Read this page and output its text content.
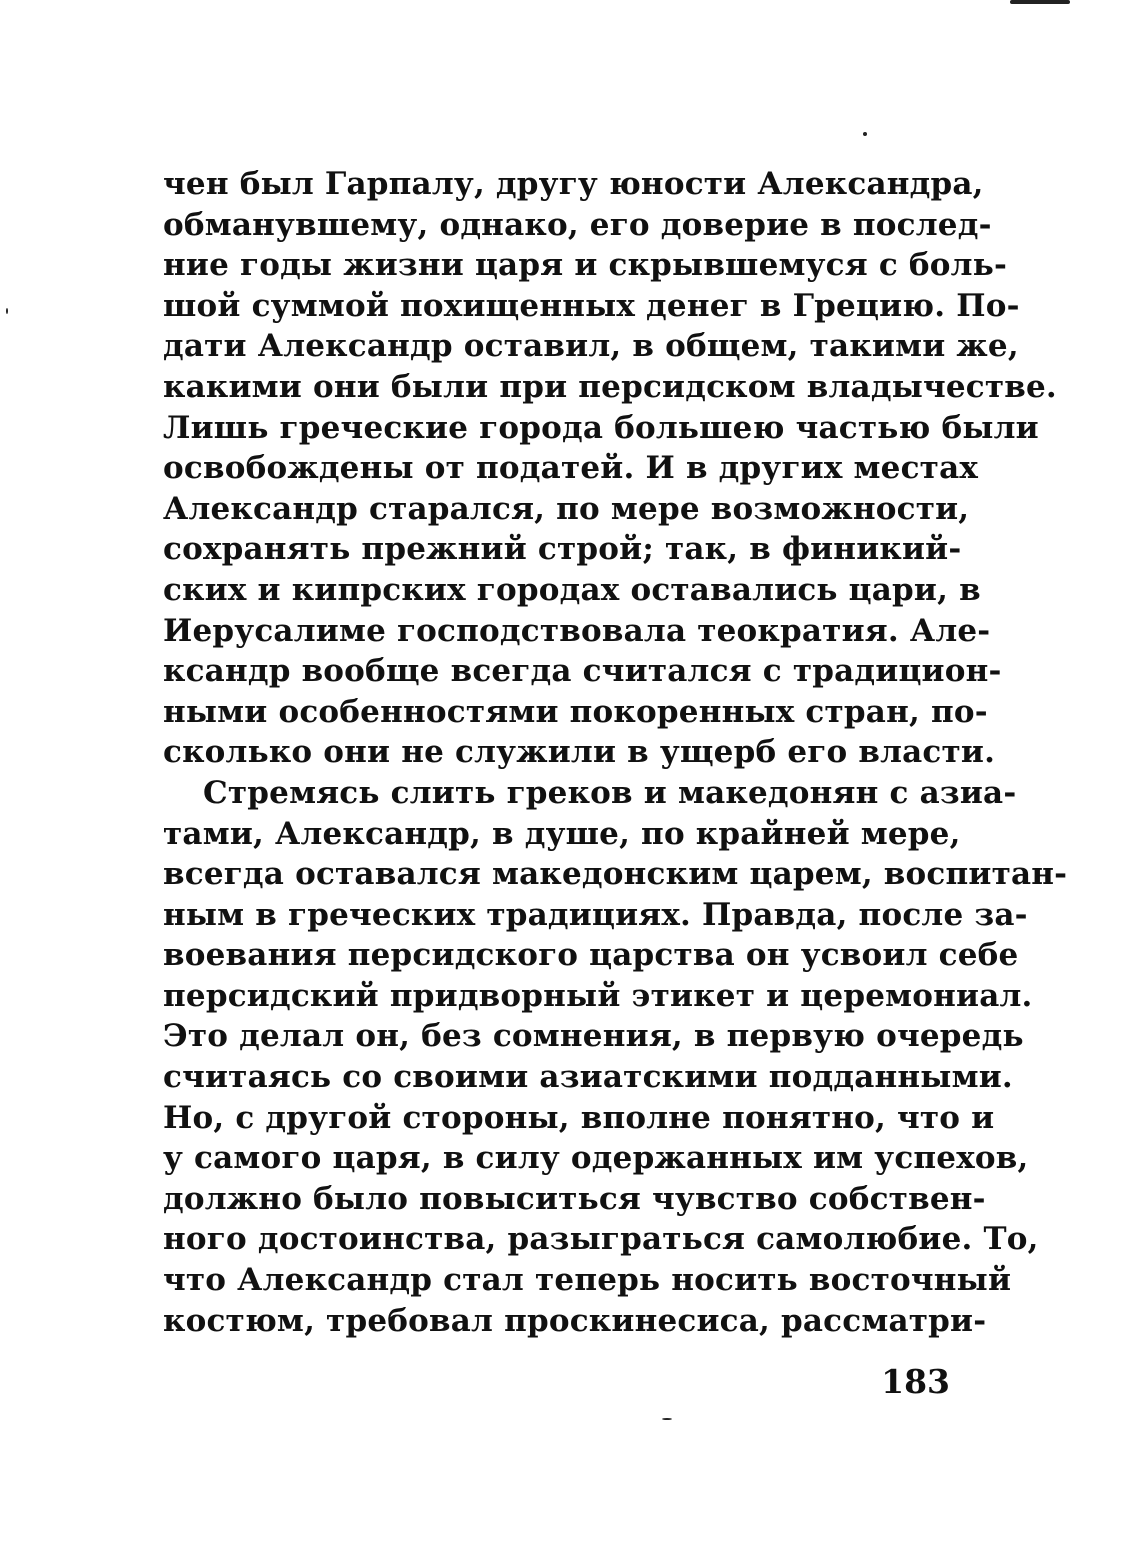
чен был Гарпалу, другу юности Александра,
обманувшему, однако, его доверие в послед-
ние годы жизни царя и скрывшемуся с боль-
шой суммой похищенных денег в Грецию. По-
дати Александр оставил, в общем, такими же,
какими они были при персидском владычестве.
Лишь греческие города большею частью были
освобождены от податей. И в других местах
Александр старался, по мере возможности,
сохранять прежний строй; так, в финикий-
ских и кипрских городах оставались цари, в
Иерусалиме господствовала теократия. Але-
ксандр вообще всегда считался с традицион-
ными особенностями покоренных стран, по-
сколько они не служили в ущерб его власти.
Стремясь слить греков и македонян с азиа-
тами, Александр, в душе, по крайней мере,
всегда оставался македонским царем, воспитан-
ным в греческих традициях. Правда, после за-
воевания персидского царства он усвоил себе
персидский придворный этикет и церемониал.
Это делал он, без сомнения, в первую очередь
считаясь со своими азиатскими подданными.
Но, с другой стороны, вполне понятно, что и
у самого царя, в силу одержанных им успехов,
должно было повыситься чувство собствен-
ного достоинства, разыграться самолюбие. То,
что Александр стал теперь носить восточный
костюм, требовал проскинесиса, рассматри-
183
